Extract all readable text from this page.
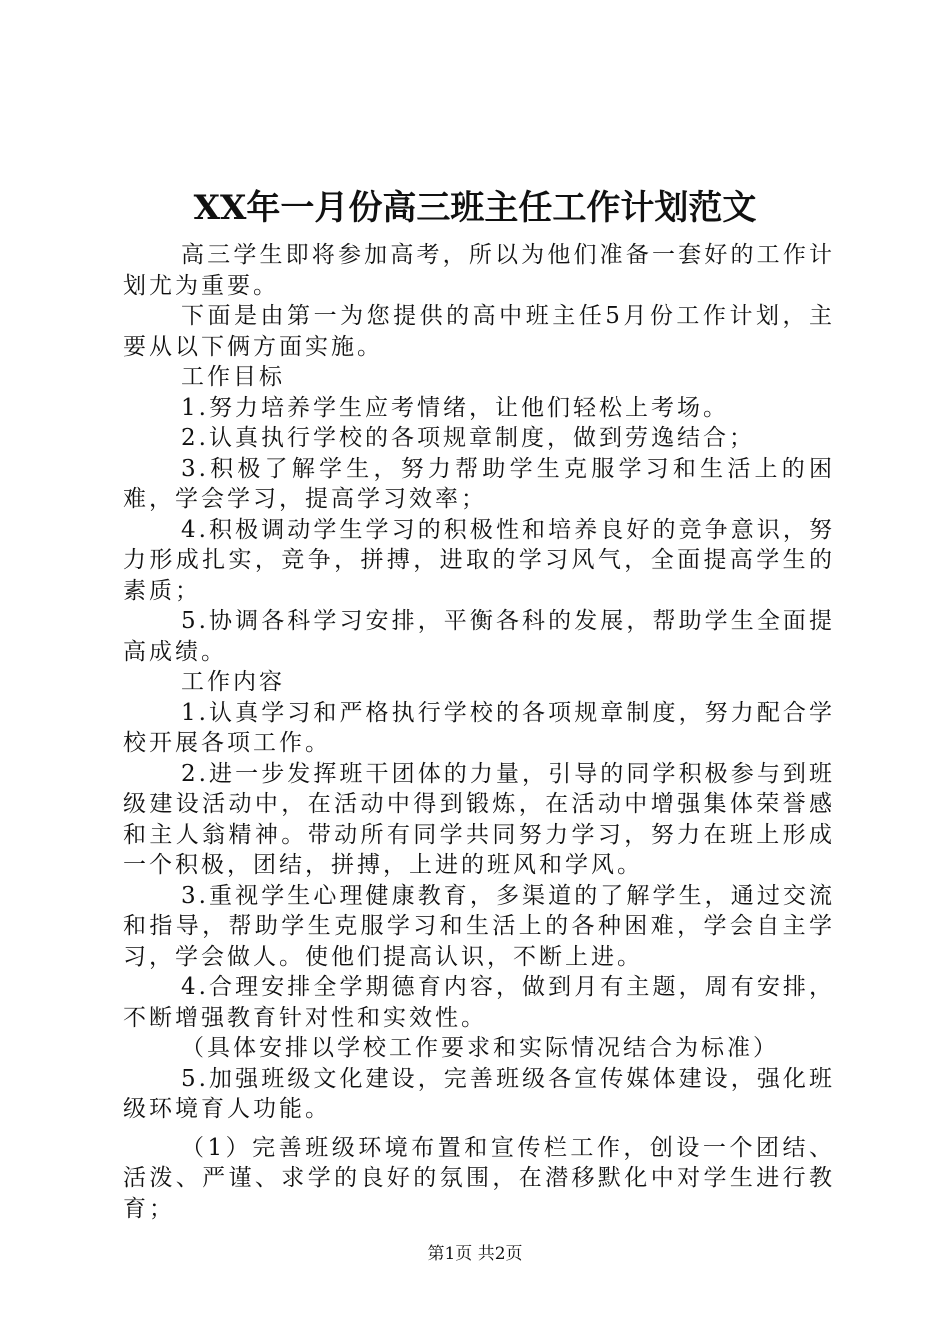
XX年一月份高三班主任工作计划范文

高三学生即将参加高考，所以为他们准备一套好的工作计划尤为重要。

下面是由第一为您提供的高中班主任5月份工作计划，主要从以下俩方面实施。

工作目标

1.努力培养学生应考情绪，让他们轻松上考场。

2.认真执行学校的各项规章制度，做到劳逸结合；

3.积极了解学生，努力帮助学生克服学习和生活上的困难，学会学习，提高学习效率；

4.积极调动学生学习的积极性和培养良好的竞争意识，努力形成扎实，竞争，拼搏，进取的学习风气，全面提高学生的素质；

5.协调各科学习安排，平衡各科的发展，帮助学生全面提高成绩。

工作内容

1.认真学习和严格执行学校的各项规章制度，努力配合学校开展各项工作。

2.进一步发挥班干团体的力量，引导的同学积极参与到班级建设活动中，在活动中得到锻炼，在活动中增强集体荣誉感和主人翁精神。带动所有同学共同努力学习，努力在班上形成一个积极，团结，拼搏，上进的班风和学风。

3.重视学生心理健康教育，多渠道的了解学生，通过交流和指导，帮助学生克服学习和生活上的各种困难，学会自主学习，学会做人。使他们提高认识，不断上进。

4.合理安排全学期德育内容，做到月有主题，周有安排，不断增强教育针对性和实效性。

（具体安排以学校工作要求和实际情况结合为标准）

5.加强班级文化建设，完善班级各宣传媒体建设，强化班级环境育人功能。

（1）完善班级环境布置和宣传栏工作，创设一个团结、活泼、严谨、求学的良好的氛围，在潜移默化中对学生进行教育；

第1页 共2页
